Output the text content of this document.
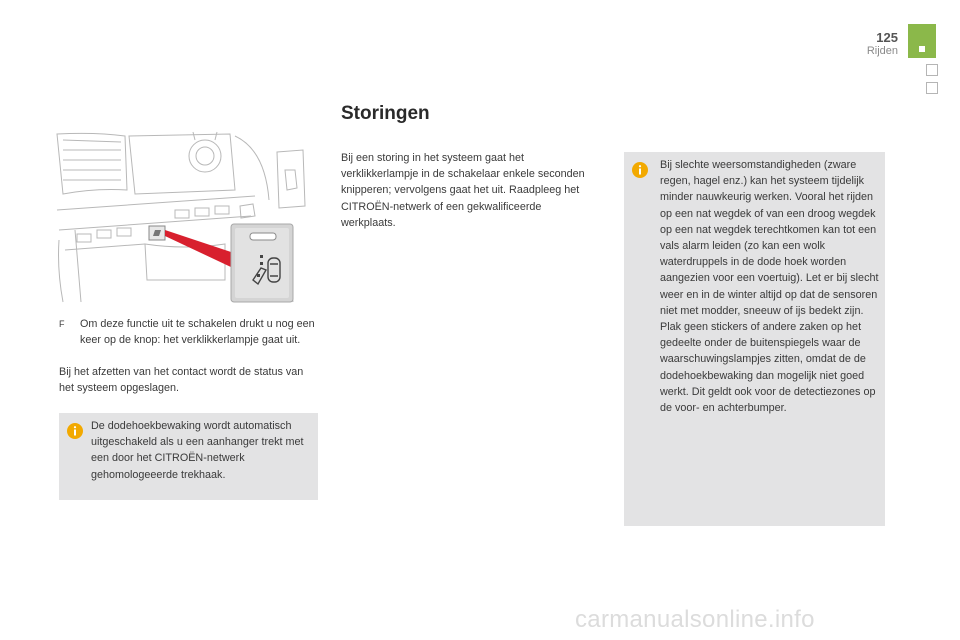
125
Rijden
F	Om deze functie uit te schakelen drukt u nog een keer op de knop: het verklikkerlampje gaat uit.
Bij het afzetten van het contact wordt de status van het systeem opgeslagen.
De dodehoekbewaking wordt automatisch uitgeschakeld als u een aanhanger trekt met een door het CITROËN-netwerk gehomologeeerde trekhaak.
Storingen
Bij een storing in het systeem gaat het verklikkerlampje in de schakelaar enkele seconden knipperen; vervolgens gaat het uit. Raadpleeg het CITROËN-netwerk of een gekwalificeerde werkplaats.
Bij slechte weersomstandigheden (zware regen, hagel enz.) kan het systeem tijdelijk minder nauwkeurig werken. Vooral het rijden op een nat wegdek of van een droog wegdek op een nat wegdek terechtkomen kan tot een vals alarm leiden (zo kan een wolk waterdruppels in de dode hoek worden aangezien voor een voertuig). Let er bij slecht weer en in de winter altijd op dat de sensoren niet met modder, sneeuw of ijs bedekt zijn. Plak geen stickers of andere zaken op het gedeelte onder de buitenspiegels waar de waarschuwingslampjes zitten, omdat de de dodehoekbewaking dan mogelijk niet goed werkt. Dit geldt ook voor de detectiezones op de voor- en achterbumper.
carmanualsonline.info
